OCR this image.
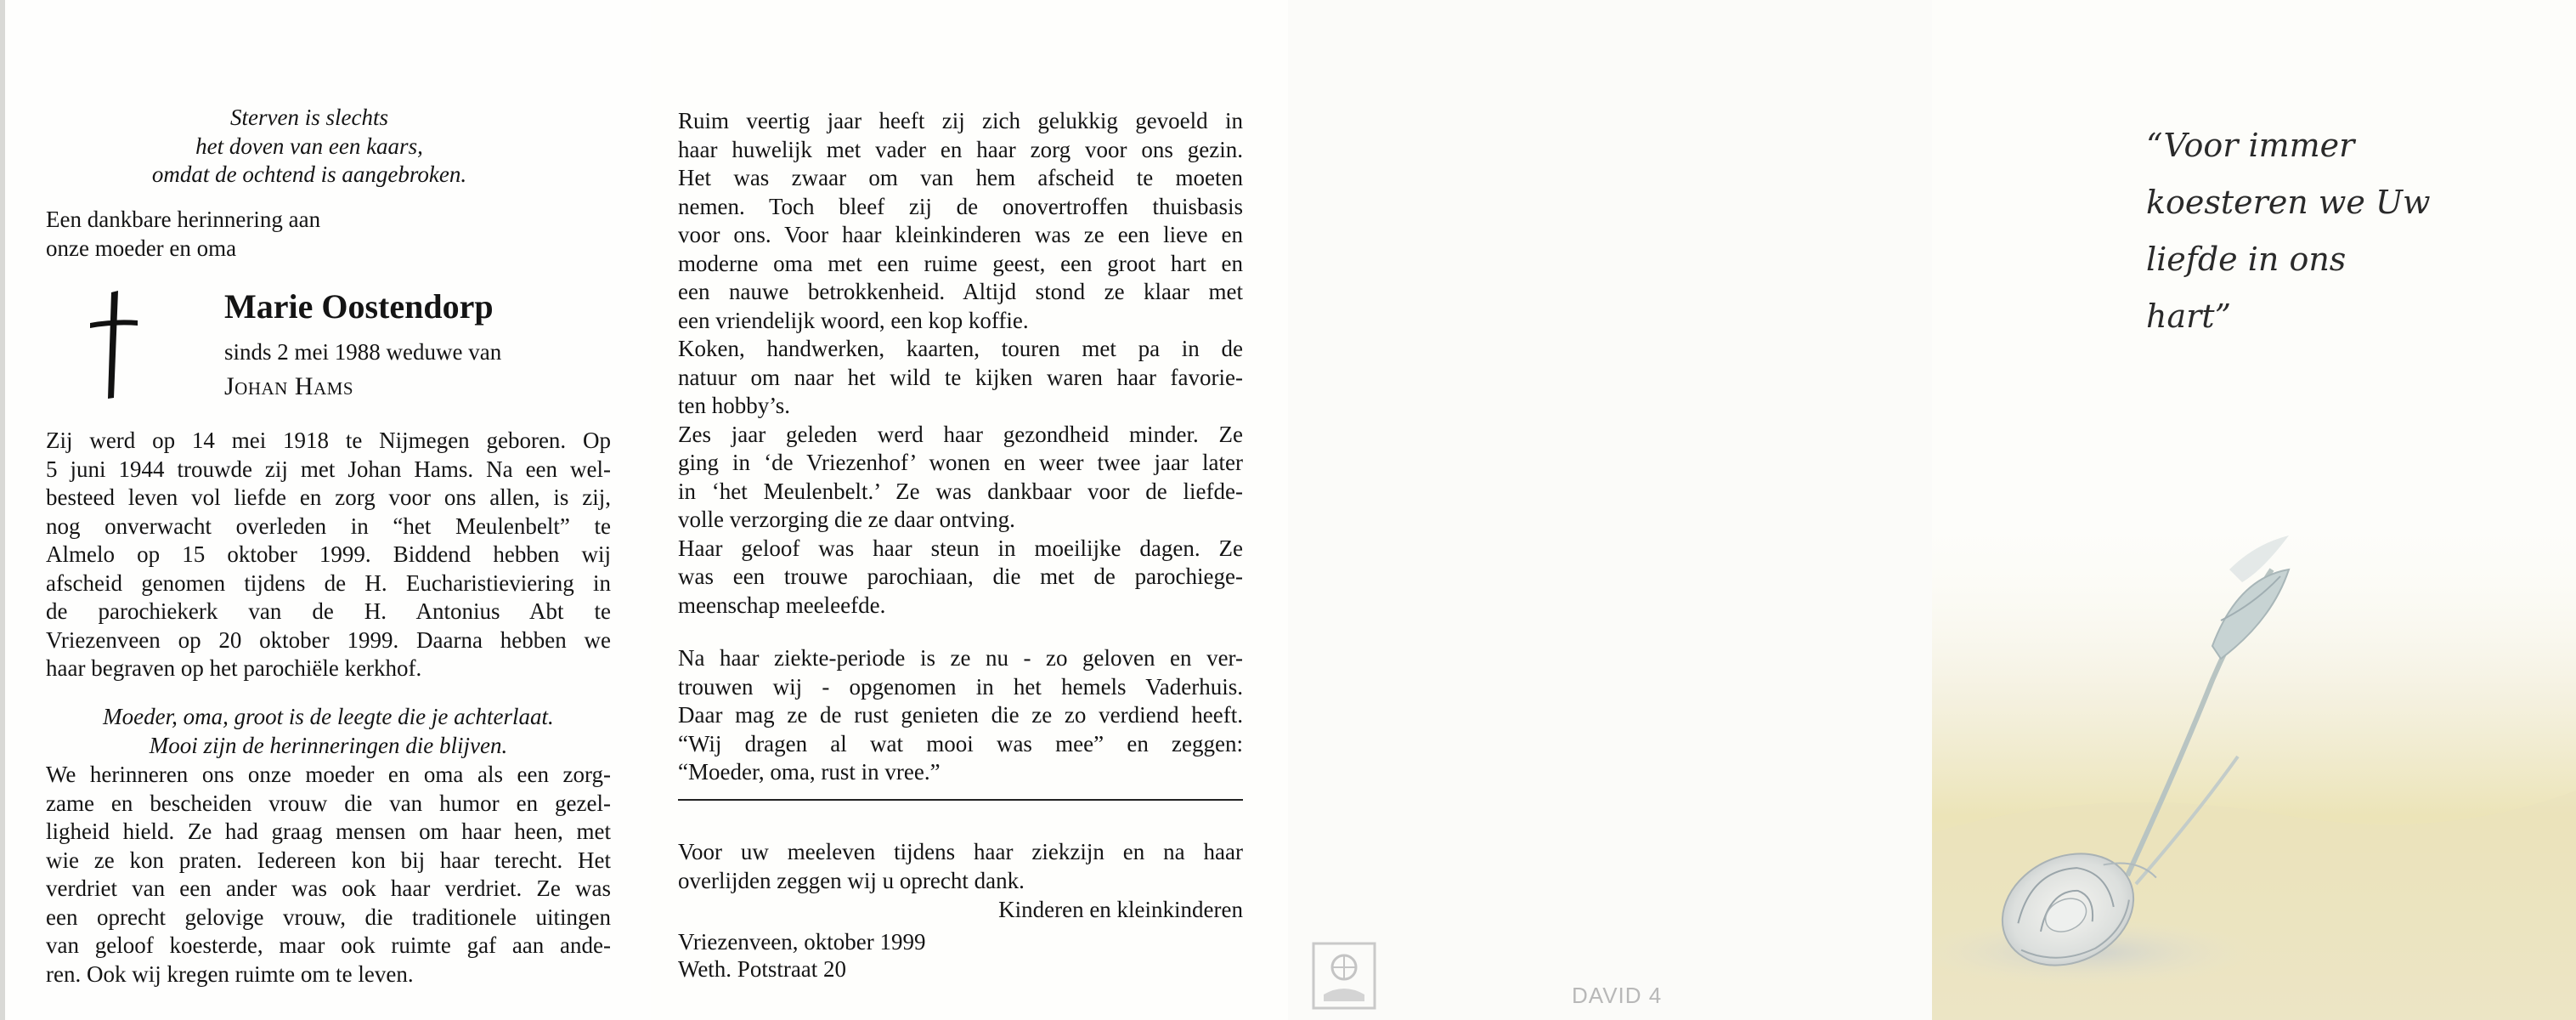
Sterven is slechts
het doven van een kaars,
omdat de ochtend is aangebroken.
Een dankbare herinnering aan
onze moeder en oma
Marie Oostendorp
sinds 2 mei 1988 weduwe van
Johan Hams
Zij werd op 14 mei 1918 te Nijmegen geboren. Op
5 juni 1944 trouwde zij met Johan Hams. Na een wel-
besteed leven vol liefde en zorg voor ons allen, is zij,
nog onverwacht overleden in “het Meulenbelt” te
Almelo op 15 oktober 1999. Biddend hebben wij
afscheid genomen tijdens de H. Eucharistieviering in
de parochiekerk van de H. Antonius Abt te
Vriezenveen op 20 oktober 1999. Daarna hebben we
haar begraven op het parochiële kerkhof.
Moeder, oma, groot is de leegte die je achterlaat.
Mooi zijn de herinneringen die blijven.
We herinneren ons onze moeder en oma als een zorg-
zame en bescheiden vrouw die van humor en gezel-
ligheid hield. Ze had graag mensen om haar heen, met
wie ze kon praten. Iedereen kon bij haar terecht. Het
verdriet van een ander was ook haar verdriet. Ze was
een oprecht gelovige vrouw, die traditionele uitingen
van geloof koesterde, maar ook ruimte gaf aan ande-
ren. Ook wij kregen ruimte om te leven.
Ruim veertig jaar heeft zij zich gelukkig gevoeld in
haar huwelijk met vader en haar zorg voor ons gezin.
Het was zwaar om van hem afscheid te moeten
nemen. Toch bleef zij de onovertroffen thuisbasis
voor ons. Voor haar kleinkinderen was ze een lieve en
moderne oma met een ruime geest, een groot hart en
een nauwe betrokkenheid. Altijd stond ze klaar met
een vriendelijk woord, een kop koffie.
Koken, handwerken, kaarten, touren met pa in de
natuur om naar het wild te kijken waren haar favorie-
ten hobby’s.
Zes jaar geleden werd haar gezondheid minder. Ze
ging in ‘de Vriezenhof’ wonen en weer twee jaar later
in ‘het Meulenbelt.’ Ze was dankbaar voor de liefde-
volle verzorging die ze daar ontving.
Haar geloof was haar steun in moeilijke dagen. Ze
was een trouwe parochiaan, die met de parochiege-
meenschap meeleefde.
Na haar ziekte-periode is ze nu - zo geloven en ver-
trouwen wij - opgenomen in het hemels Vaderhuis.
Daar mag ze de rust genieten die ze zo verdiend heeft.
“Wij dragen al wat mooi was mee” en zeggen:
“Moeder, oma, rust in vree.”
Voor uw meeleven tijdens haar ziekzijn en na haar
overlijden zeggen wij u oprecht dank.
Kinderen en kleinkinderen
Vriezenveen, oktober 1999
Weth. Potstraat 20
DAVID 4
“Voor immer
koesteren we Uw
liefde in ons
hart”
